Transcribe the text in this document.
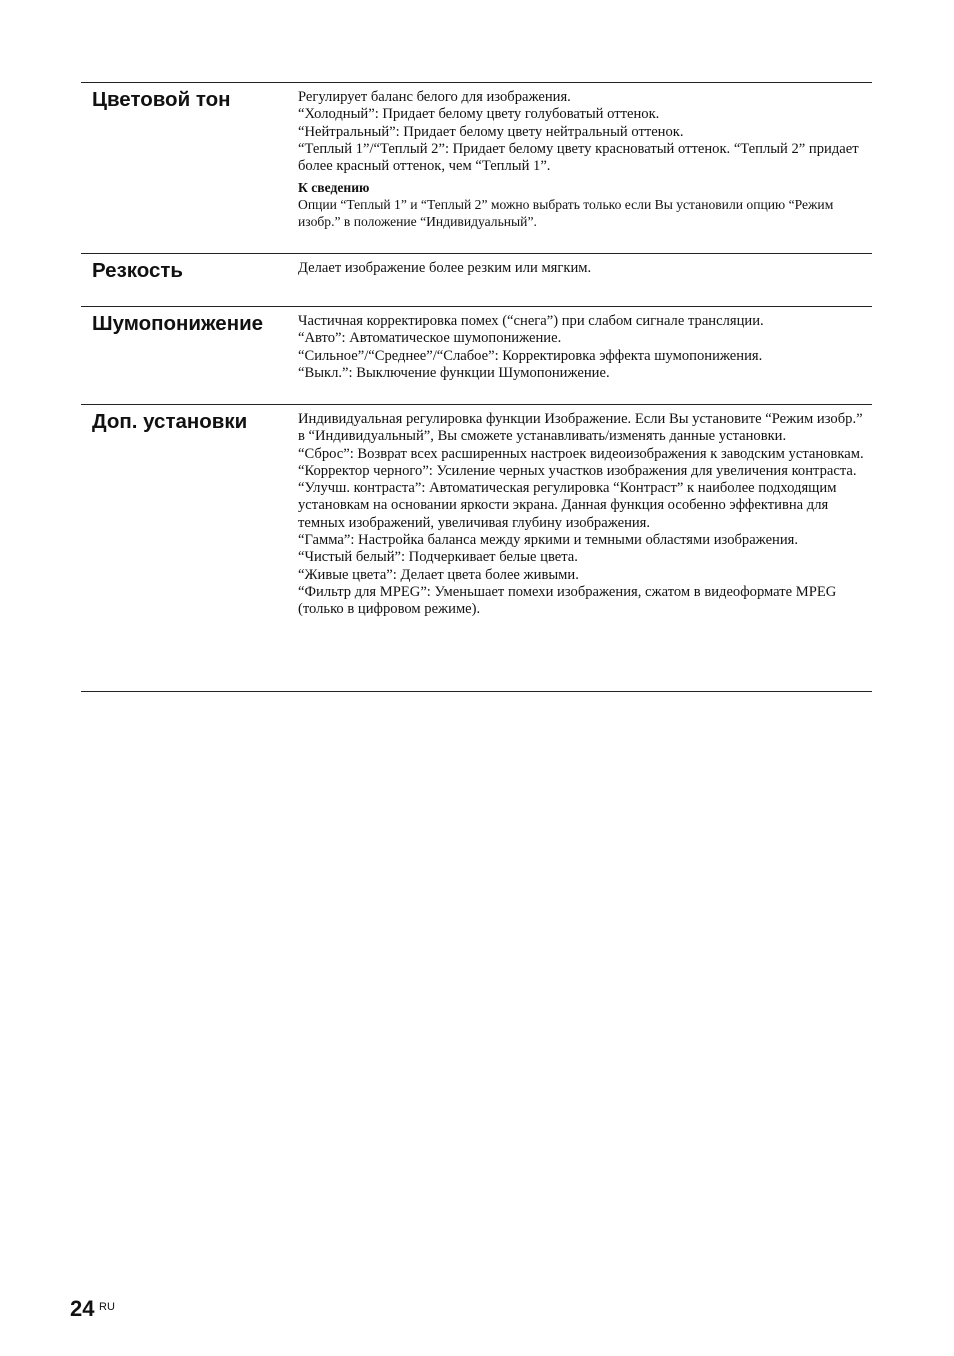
Цветовой тон	Регулирует баланс белого для изображения.

“Холодный”: Придает белому цвету голубоватый оттенок.

“Нейтральный”: Придает белому цвету нейтральный оттенок.

“Теплый 1”/“Теплый 2”: Придает белому цвету красноватый оттенок. “Теплый 2” придает более красный оттенок, чем “Теплый 1”.

К сведению

Опции “Теплый 1” и “Теплый 2” можно выбрать только если Вы установили опцию “Режим изобр.” в положение “Индивидуальный”.

Резкость	Делает изображение более резким или мягким.

Шумопонижение	Частичная корректировка помех (“снега”) при слабом сигнале трансляции.

“Авто”: Автоматическое шумопонижение.

“Сильное”/“Среднее”/“Слабое”: Корректировка эффекта шумопонижения.

“Выкл.”: Выключение функции Шумопонижение.

Доп. установки	Индивидуальная регулировка функции Изображение. Если Вы установите “Режим изобр.” в “Индивидуальный”, Вы сможете устанавливать/изменять данные установки.

“Сброс”: Возврат всех расширенных настроек видеоизображения к заводским установкам.

“Корректор черного”: Усиление черных участков изображения для увеличения контраста.

“Улучш. контраста”: Автоматическая регулировка “Контраст” к наиболее подходящим установкам на основании яркости экрана. Данная функция особенно эффективна для темных изображений, увеличивая глубину изображения.

“Гамма”: Настройка баланса между яркими и темными областями изображения.

“Чистый белый”: Подчеркивает белые цвета.

“Живые цвета”: Делает цвета более живыми.

“Фильтр для MPEG”: Уменьшает помехи изображения, сжатом в видеоформате MPEG (только в цифровом режиме).

24 RU
